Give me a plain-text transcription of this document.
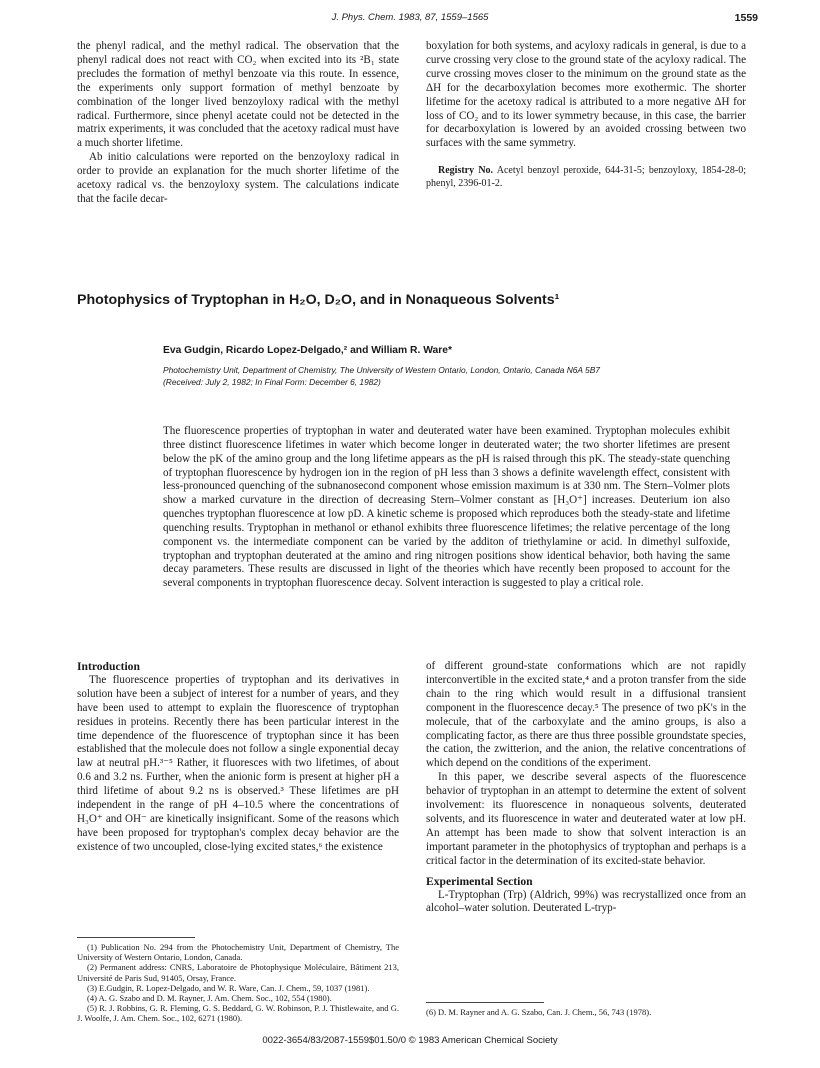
J. Phys. Chem. 1983, 87, 1559–1565	1559

the phenyl radical, and the methyl radical. The observation that the phenyl radical does not react with CO₂ when excited into its ²B₁ state precludes the formation of methyl benzoate via this route. In essence, the experiments only support formation of methyl benzoate by combination of the longer lived benzoyloxy radical with the methyl radical. Furthermore, since phenyl acetate could not be detected in the matrix experiments, it was concluded that the acetoxy radical must have a much shorter lifetime.

Ab initio calculations were reported on the benzoyloxy radical in order to provide an explanation for the much shorter lifetime of the acetoxy radical vs. the benzoyloxy system. The calculations indicate that the facile decar-

boxylation for both systems, and acyloxy radicals in general, is due to a curve crossing very close to the ground state of the acyloxy radical. The curve crossing moves closer to the minimum on the ground state as the ΔH for the decarboxylation becomes more exothermic. The shorter lifetime for the acetoxy radical is attributed to a more negative ΔH for loss of CO₂ and to its lower symmetry because, in this case, the barrier for decarboxylation is lowered by an avoided crossing between two surfaces with the same symmetry.

Registry No. Acetyl benzoyl peroxide, 644-31-5; benzoyloxy, 1854-28-0; phenyl, 2396-01-2.
Photophysics of Tryptophan in H₂O, D₂O, and in Nonaqueous Solvents¹
Eva Gudgin, Ricardo Lopez-Delgado,² and William R. Ware*
Photochemistry Unit, Department of Chemistry, The University of Western Ontario, London, Ontario, Canada N6A 5B7
(Received: July 2, 1982; In Final Form: December 6, 1982)

The fluorescence properties of tryptophan in water and deuterated water have been examined. Tryptophan molecules exhibit three distinct fluorescence lifetimes in water which become longer in deuterated water; the two shorter lifetimes are present below the pK of the amino group and the long lifetime appears as the pH is raised through this pK. The steady-state quenching of tryptophan fluorescence by hydrogen ion in the region of pH less than 3 shows a definite wavelength effect, consistent with less-pronounced quenching of the subnanosecond component whose emission maximum is at 330 nm. The Stern–Volmer plots show a marked curvature in the direction of decreasing Stern–Volmer constant as [H₃O⁺] increases. Deuterium ion also quenches tryptophan fluorescence at low pD. A kinetic scheme is proposed which reproduces both the steady-state and lifetime quenching results. Tryptophan in methanol or ethanol exhibits three fluorescence lifetimes; the relative percentage of the long component vs. the intermediate component can be varied by the additon of triethylamine or acid. In dimethyl sulfoxide, tryptophan and tryptophan deuterated at the amino and ring nitrogen positions show identical behavior, both having the same decay parameters. These results are discussed in light of the theories which have recently been proposed to account for the several components in tryptophan fluorescence decay. Solvent interaction is suggested to play a critical role.

Introduction

The fluorescence properties of tryptophan and its derivatives in solution have been a subject of interest for a number of years, and they have been used to attempt to explain the fluorescence of tryptophan residues in proteins. Recently there has been particular interest in the time dependence of the fluorescence of tryptophan since it has been established that the molecule does not follow a single exponential decay law at neutral pH.³⁻⁵ Rather, it fluoresces with two lifetimes, of about 0.6 and 3.2 ns. Further, when the anionic form is present at higher pH a third lifetime of about 9.2 ns is observed.³ These lifetimes are pH independent in the range of pH 4–10.5 where the concentrations of H₃O⁺ and OH⁻ are kinetically insignificant. Some of the reasons which have been proposed for tryptophan's complex decay behavior are the existence of two uncoupled, close-lying excited states,⁶ the existence

(1) Publication No. 294 from the Photochemistry Unit, Department of Chemistry, The University of Western Ontario, London, Canada.
(2) Permanent address: CNRS, Laboratoire de Photophysique Moléculaire, Bâtiment 213, Université de Paris Sud, 91405, Orsay, France.
(3) E.Gudgin, R. Lopez-Delgado, and W. R. Ware, Can. J. Chem., 59, 1037 (1981).
(4) A. G. Szabo and D. M. Rayner, J. Am. Chem. Soc., 102, 554 (1980).
(5) R. J. Robbins, G. R. Fleming, G. S. Beddard, G. W. Robinson, P. J. Thistlewaite, and G. J. Woolfe, J. Am. Chem. Soc., 102, 6271 (1980).

of different ground-state conformations which are not rapidly interconvertible in the excited state,⁴ and a proton transfer from the side chain to the ring which would result in a diffusional transient component in the fluorescence decay.⁵ The presence of two pK's in the molecule, that of the carboxylate and the amino groups, is also a complicating factor, as there are thus three possible groundstate species, the cation, the zwitterion, and the anion, the relative concentrations of which depend on the conditions of the experiment.

In this paper, we describe several aspects of the fluorescence behavior of tryptophan in an attempt to determine the extent of solvent involvement: its fluorescence in nonaqueous solvents, deuterated solvents, and its fluorescence in water and deuterated water at low pH. An attempt has been made to show that solvent interaction is an important parameter in the photophysics of tryptophan and perhaps is a critical factor in the determination of its excited-state behavior.

Experimental Section

L-Tryptophan (Trp) (Aldrich, 99%) was recrystallized once from an alcohol–water solution. Deuterated L-tryp-

(6) D. M. Rayner and A. G. Szabo, Can. J. Chem., 56, 743 (1978).
0022-3654/83/2087-1559$01.50/0 © 1983 American Chemical Society
